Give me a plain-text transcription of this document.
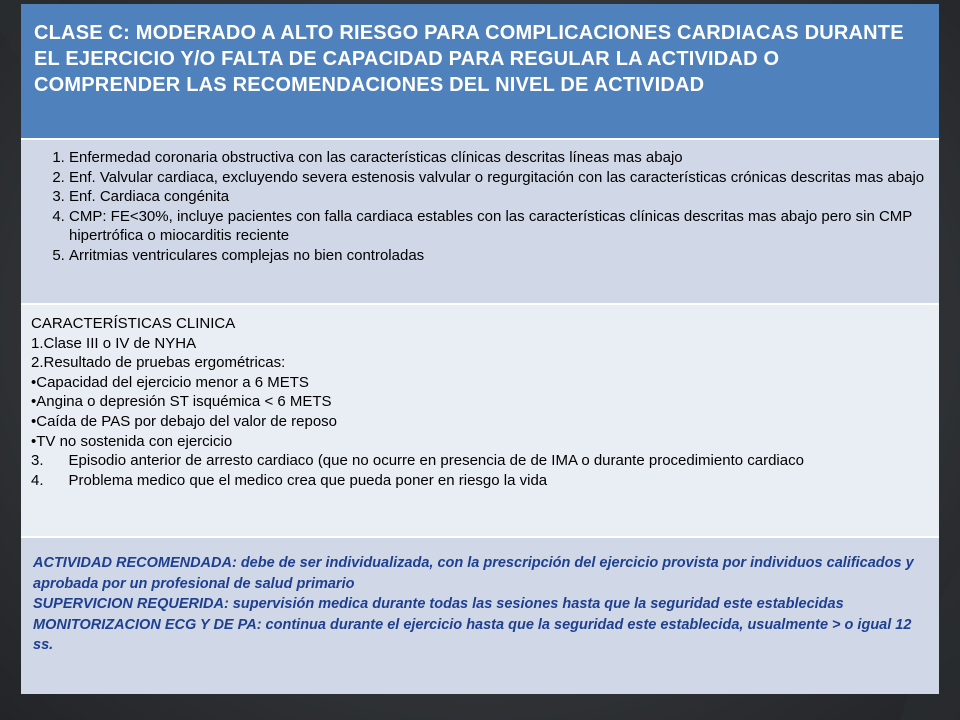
CLASE C: MODERADO A ALTO RIESGO PARA COMPLICACIONES CARDIACAS DURANTE EL EJERCICIO Y/O FALTA DE CAPACIDAD PARA REGULAR LA ACTIVIDAD O COMPRENDER LAS RECOMENDACIONES DEL NIVEL DE ACTIVIDAD
1. Enfermedad coronaria obstructiva con las características clínicas descritas líneas mas abajo
2. Enf. Valvular cardiaca, excluyendo severa estenosis valvular o regurgitación con las características crónicas descritas mas abajo
3. Enf. Cardiaca congénita
4. CMP: FE<30%, incluye pacientes con falla cardiaca estables con las características clínicas descritas mas abajo pero sin CMP hipertrófica o miocarditis reciente
5. Arritmias ventriculares complejas no bien controladas
CARACTERÍSTICAS CLINICA
1.Clase III o IV de NYHA
2.Resultado de pruebas ergométricas:
•Capacidad del ejercicio menor a 6 METS
•Angina o depresión ST isquémica < 6 METS
•Caída de PAS por debajo del valor de reposo
•TV no sostenida con ejercicio
3.      Episodio anterior de arresto cardiaco (que no ocurre en presencia de de IMA o durante procedimiento cardiaco
4.      Problema medico que el medico crea que pueda poner en riesgo la vida
ACTIVIDAD RECOMENDADA: debe de ser individualizada, con la prescripción del ejercicio provista por individuos calificados y aprobada por un profesional de salud primario
SUPERVICION REQUERIDA: supervisión medica durante todas las sesiones hasta que la seguridad este establecidas
MONITORIZACION ECG Y DE PA: continua durante el ejercicio hasta que la seguridad este establecida, usualmente > o igual 12 ss.
